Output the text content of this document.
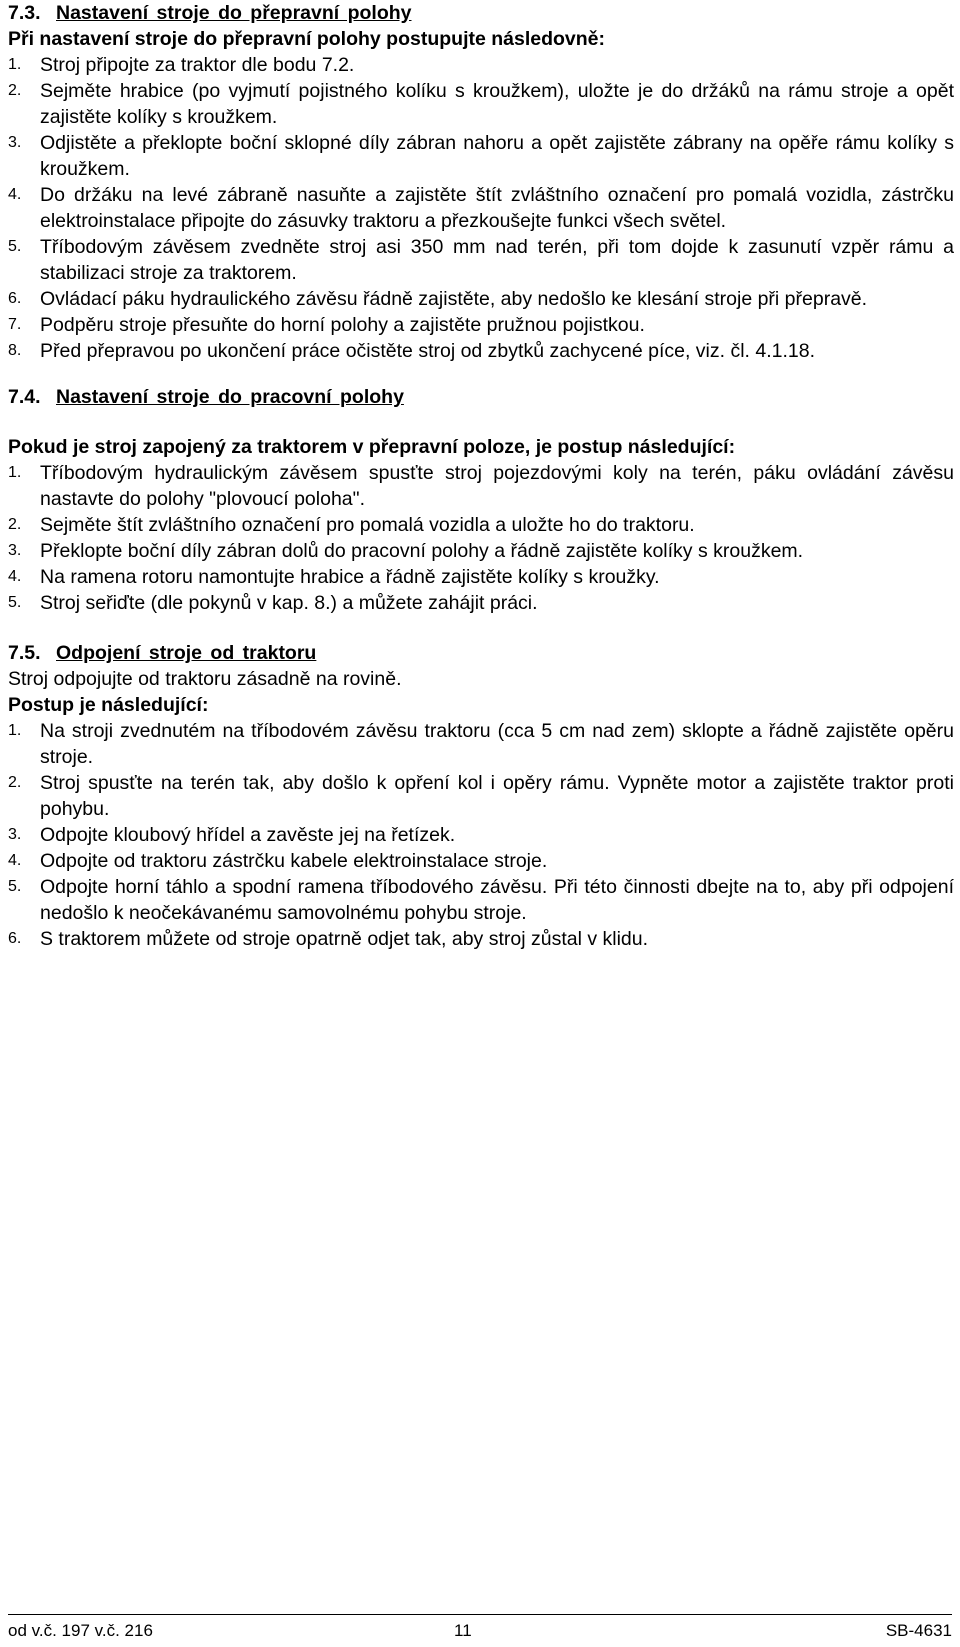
7.3. Nastavení stroje do přepravní polohy

Při nastavení stroje do přepravní polohy postupujte následovně:

1. Stroj připojte za traktor dle bodu 7.2.
2. Sejměte hrabice (po vyjmutí pojistného kolíku s kroužkem), uložte je do držáků na rámu stroje a opět zajistěte kolíky s kroužkem.
3. Odjistěte a překlopte boční sklopné díly zábran nahoru a opět zajistěte zábrany na opěře rámu kolíky s kroužkem.
4. Do držáku na levé zábraně nasuňte a zajistěte štít zvláštního označení pro pomalá vozidla, zástrčku elektroinstalace připojte do zásuvky traktoru a přezkoušejte funkci všech světel.
5. Tříbodovým závěsem zvedněte stroj asi 350 mm nad terén, při tom dojde k zasunutí vzpěr rámu a stabilizaci stroje za traktorem.
6. Ovládací páku hydraulického závěsu řádně zajistěte, aby nedošlo ke klesání stroje při přepravě.
7. Podpěru stroje přesuňte do horní polohy a zajistěte pružnou pojistkou.
8. Před přepravou po ukončení práce očistěte stroj od zbytků zachycené píce, viz. čl. 4.1.18.
7.4. Nastavení stroje do pracovní polohy

Pokud je stroj zapojený za traktorem v přepravní poloze, je postup následující:

1. Tříbodovým hydraulickým závěsem spusťte stroj pojezdovými koly na terén, páku ovládání závěsu nastavte do polohy "plovoucí poloha".
2. Sejměte štít zvláštního označení pro pomalá vozidla a uložte ho do traktoru.
3. Překlopte boční díly zábran dolů do pracovní polohy a řádně zajistěte kolíky s kroužkem.
4. Na ramena rotoru namontujte hrabice a řádně zajistěte kolíky s kroužky.
5. Stroj seřiďte (dle pokynů v kap. 8.) a můžete zahájit práci.
7.5. Odpojení stroje od traktoru

Stroj odpojujte od traktoru zásadně na rovině.

Postup je následující:

1. Na stroji zvednutém na tříbodovém závěsu traktoru (cca 5 cm nad zem) sklopte a řádně zajistěte opěru stroje.
2. Stroj spusťte na terén tak, aby došlo k opření kol i opěry rámu. Vypněte motor a zajistěte traktor proti pohybu.
3. Odpojte kloubový hřídel a zavěste jej na řetízek.
4. Odpojte od traktoru zástrčku kabele elektroinstalace stroje.
5. Odpojte horní táhlo a spodní ramena tříbodového závěsu. Při této činnosti dbejte na to, aby při odpojení nedošlo k neočekávanému samovolnému pohybu stroje.
6. S traktorem můžete od stroje opatrně odjet tak, aby stroj zůstal v klidu.
od v.č. 197 v.č. 216	11	SB-4631
